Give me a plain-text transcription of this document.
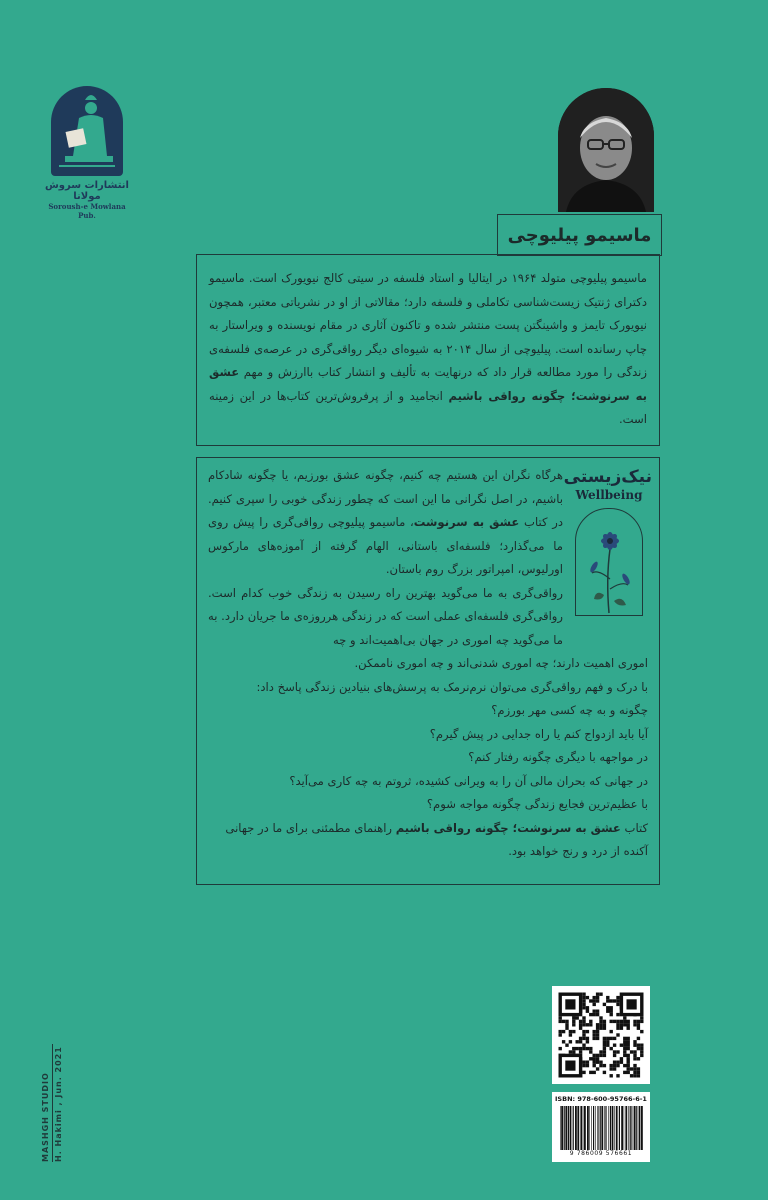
انتشارات سروش مولانا
Soroush-e Mowlana Pub.
ماسیمو پیلیوچی

ماسیمو پیلیوچی متولد ۱۹۶۴ در ایتالیا و استاد فلسفه در سیتی کالج نیویورک است. ماسیمو دکترای ژنتیک زیست‌شناسی تکاملی و فلسفه دارد؛ مقالاتی از او در نشریاتی معتبر، همچون نیویورک تایمز و واشینگتن پست منتشر شده و تاکنون آثاری در مقام نویسنده و ویراستار به چاپ رسانده است. پیلیوچی از سال ۲۰۱۴ به شیوه‌ای دیگر رواقی‌گری در عرصه‌ی فلسفه‌ی زندگی را مورد مطالعه قرار داد که درنهایت به تألیف و انتشار کتاب باارزش و مهم عشق به سرنوشت؛ چگونه رواقی باشیم انجامید و از پرفروش‌ترین کتاب‌ها در این زمینه است.

هرگاه نگران این هستیم چه کنیم، چگونه عشق بورزیم، یا چگونه شادکام باشیم، در اصل نگرانی ما این است که چطور زندگی خوبی را سپری کنیم. در کتاب عشق به سرنوشت، ماسیمو پیلیوچی رواقی‌گری را پیش روی ما می‌گذارد؛ فلسفه‌ای باستانی، الهام گرفته از آموزه‌های مارکوس اورلیوس، امپراتور بزرگ روم باستان.

رواقی‌گری به ما می‌گوید بهترین راه رسیدن به زندگی خوب کدام است. رواقی‌گری فلسفه‌ای عملی است که در زندگی هرروزه‌ی ما جریان دارد. به ما می‌گوید چه اموری در جهان بی‌اهمیت‌اند و چه

اموری اهمیت دارند؛ چه اموری شدنی‌اند و چه اموری ناممکن.

با درک و فهم رواقی‌گری می‌توان نرم‌نرمک به پرسش‌های بنیادین زندگی پاسخ داد:

چگونه و به چه کسی مهر بورزم؟

آیا باید ازدواج کنم یا راه جدایی در پیش گیرم؟

در مواجهه با دیگری چگونه رفتار کنم؟

در جهانی که بحران مالی آن را به ویرانی کشیده، ثروتم به چه کاری می‌آید؟

با عظیم‌ترین فجایع زندگی چگونه مواجه شوم؟

کتاب عشق به سرنوشت؛ چگونه رواقی باشیم راهنمای مطمئنی برای ما در جهانی آکنده از درد و رنج خواهد بود.

نیک‌زیستی
Wellbeing
ISBN: 978-600-95766-6-1
9 786009 576661
MASHGH STUDIO H. Hakimi , Jun. 2021
